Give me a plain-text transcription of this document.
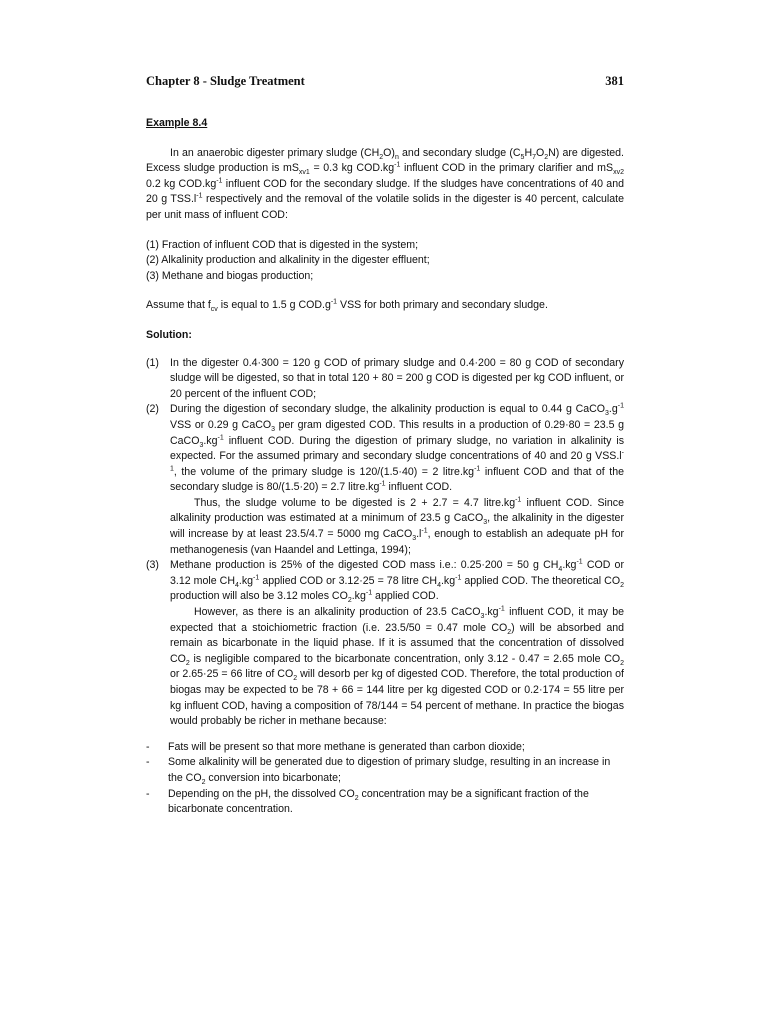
Chapter 8 - Sludge Treatment	381
Example 8.4

In an anaerobic digester primary sludge $(CH_2O)_n$ and secondary sludge $(C_5H_7O_2N)$ are digested. Excess sludge production is $mS_{xv1} = 0.3$ kg $COD.kg^{-1}$ influent COD in the primary clarifier and $mS_{xv2}$ 0.2 kg $COD.kg^{-1}$ influent COD for the secondary sludge. If the sludges have concentrations of 40 and 20 g $TSS.l^{-1}$ respectively and the removal of the volatile solids in the digester is 40 percent, calculate per unit mass of influent COD:

(1) Fraction of influent COD that is digested in the system;
(2) Alkalinity production and alkalinity in the digester effluent;
(3) Methane and biogas production;

Assume that $f_{cv}$ is equal to 1.5 g $COD.g^{-1}$ VSS for both primary and secondary sludge.

Solution:
(1)	In the digester 0.4·300 = 120 g COD of primary sludge and 0.4·200 = 80 g COD of secondary sludge will be digested, so that in total 120 + 80 = 200 g COD is digested per kg COD influent, or 20 percent of the influent COD;

(2)	During the digestion of secondary sludge, the alkalinity production is equal to 0.44 g $CaCO_3.g^{-1}$ VSS or 0.29 g CaCO$_3$ per gram digested COD. This results in a production of 0.29·80 = 23.5 g $CaCO_3.kg^{-1}$ influent COD. During the digestion of primary sludge, no variation in alkalinity is expected. For the assumed primary and secondary sludge concentrations of 40 and 20 g $VSS.l^{-1}$, the volume of the primary sludge is 120/(1.5·40) = 2 $litre.kg^{-1}$ influent COD and that of the secondary sludge is 80/(1.5·20) = 2.7 $litre.kg^{-1}$ influent COD.

Thus, the sludge volume to be digested is 2 + 2.7 = 4.7 $litre.kg^{-1}$ influent COD. Since alkalinity production was estimated at a minimum of 23.5 g CaCO$_3$, the alkalinity in the digester will increase by at least 23.5/4.7 = 5000 mg $CaCO_3.l^{-1}$, enough to establish an adequate pH for methanogenesis (van Haandel and Lettinga, 1994);

(3)	Methane production is 25% of the digested COD mass i.e.: 0.25·200 = 50 g $CH_4.kg^{-1}$ COD or 3.12 mole $CH_4.kg^{-1}$ applied COD or 3.12·25 = 78 litre $CH_4.kg^{-1}$ applied COD. The theoretical $CO_2$ production will also be 3.12 moles $CO_2.kg^{-1}$ applied COD.

However, as there is an alkalinity production of 23.5 $CaCO_3.kg^{-1}$ influent COD, it may be expected that a stoichiometric fraction (i.e. 23.5/50 = 0.47 mole $CO_2$) will be absorbed and remain as bicarbonate in the liquid phase. If it is assumed that the concentration of dissolved $CO_2$ is negligible compared to the bicarbonate concentration, only 3.12 - 0.47 = 2.65 mole $CO_2$ or 2.65·25 = 66 litre of $CO_2$ will desorb per kg of digested COD. Therefore, the total production of biogas may be expected to be 78 + 66 = 144 litre per kg digested COD or 0.2·174 = 55 litre per kg influent COD, having a composition of 78/144 = 54 percent of methane. In practice the biogas would probably be richer in methane because:

-	Fats will be present so that more methane is generated than carbon dioxide;
-	Some alkalinity will be generated due to digestion of primary sludge, resulting in an increase in the $CO_2$ conversion into bicarbonate;
-	Depending on the pH, the dissolved $CO_2$ concentration may be a significant fraction of the bicarbonate concentration.
